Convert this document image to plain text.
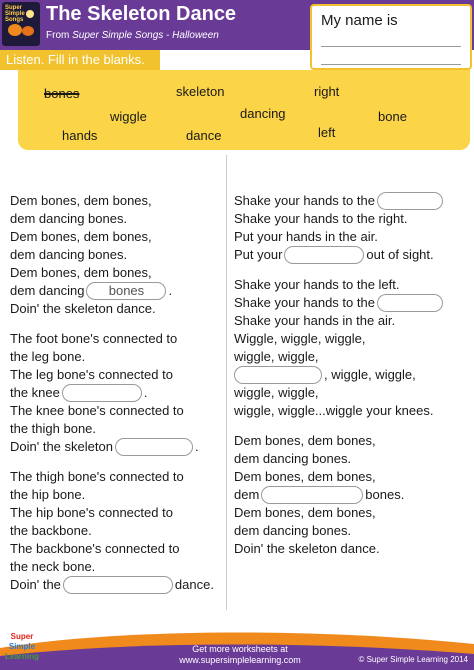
Super Simple Songs	The Skeleton Dance
From Super Simple Songs - Halloween
My name is
Listen. Fill in the blanks.
bones	skeleton	right
wiggle	dancing	bone
hands	dance	left
Dem bones, dem bones,
dem dancing bones.
Dem bones, dem bones,
dem dancing bones.
Dem bones, dem bones,
dem dancing bones .
Doin' the skeleton dance.
The foot bone's connected to
the leg bone.
The leg bone's connected to
the knee	.
The knee bone's connected to
the thigh bone.
Doin' the skeleton	.
The thigh bone's connected to
the hip bone.
The hip bone's connected to
the backbone.
The backbone's connected to
the neck bone.
Doin' the	dance.
Shake your hands to the
Shake your hands to the right.
Put your hands in the air.
Put your	out of sight.
Shake your hands to the left.
Shake your hands to the
Shake your hands in the air.
Wiggle, wiggle, wiggle,
wiggle, wiggle,
, wiggle, wiggle,
wiggle, wiggle,
wiggle, wiggle...wiggle your knees.
Dem bones, dem bones,
dem dancing bones.
Dem bones, dem bones,
dem	bones.
Dem bones, dem bones,
dem dancing bones.
Doin' the skeleton dance.
Super
Simple
Learning
Get more worksheets at
www.supersimplelearning.com	© Super Simple Learning 2014
